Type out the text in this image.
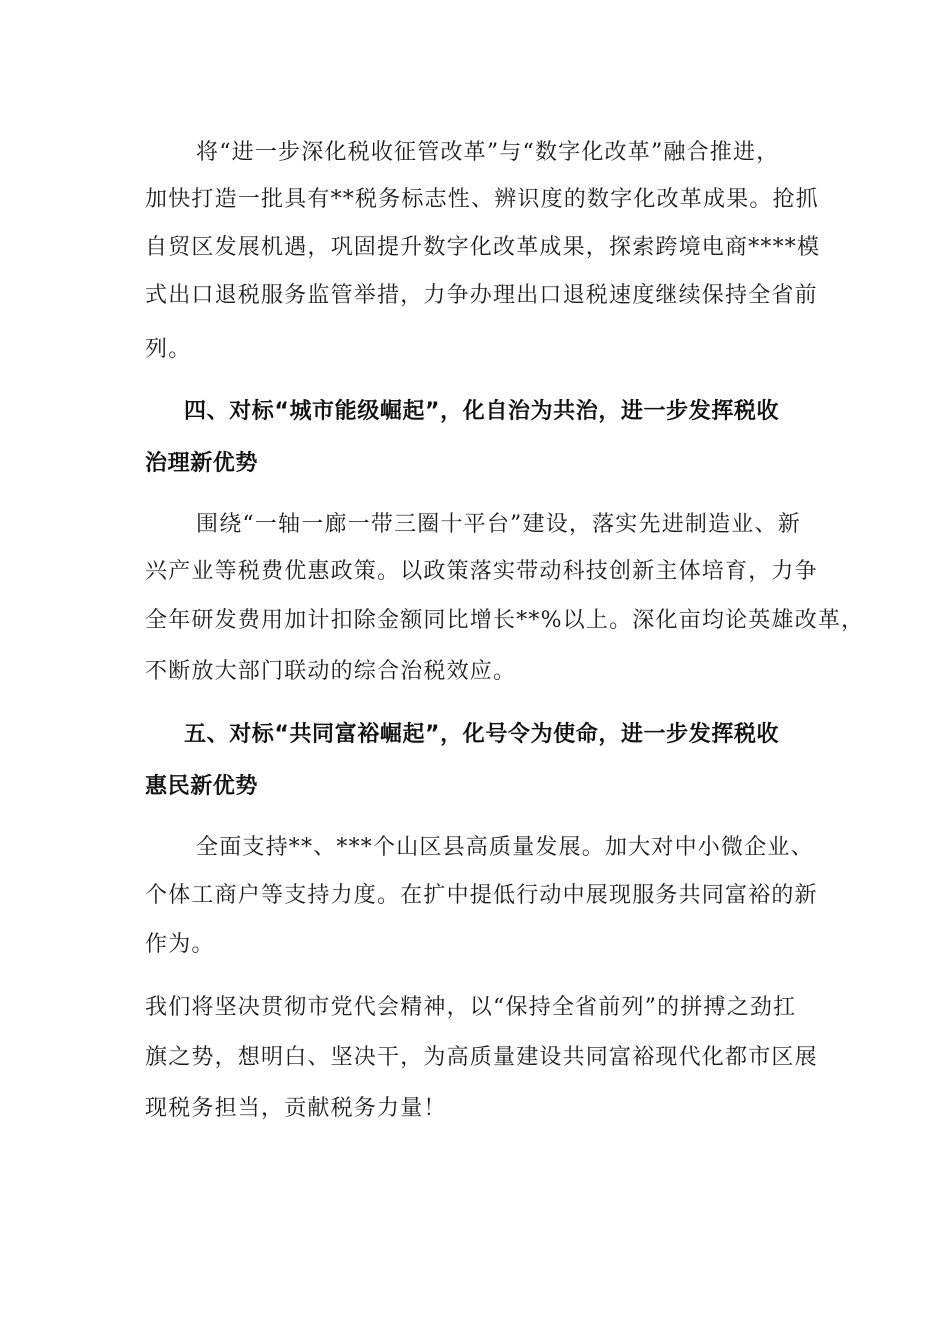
将“进一步深化税收征管改革”与“数字化改革”融合推进，
加快打造一批具有**税务标志性、辨识度的数字化改革成果。抢抓
自贸区发展机遇，巩固提升数字化改革成果，探索跨境电商****模
式出口退税服务监管举措，力争办理出口退税速度继续保持全省前
列。
四、对标“城市能级崛起”，化自治为共治，进一步发挥税收
治理新优势
围绕“一轴一廊一带三圈十平台”建设，落实先进制造业、新
兴产业等税费优惠政策。以政策落实带动科技创新主体培育，力争
全年研发费用加计扣除金额同比增长**%以上。深化亩均论英雄改革，
不断放大部门联动的综合治税效应。
五、对标“共同富裕崛起”，化号令为使命，进一步发挥税收
惠民新优势
全面支持**、***个山区县高质量发展。加大对中小微企业、
个体工商户等支持力度。在扩中提低行动中展现服务共同富裕的新
作为。
我们将坚决贯彻市党代会精神，以“保持全省前列”的拼搏之劲扛
旗之势，想明白、坚决干，为高质量建设共同富裕现代化都市区展
现税务担当，贡献税务力量！
